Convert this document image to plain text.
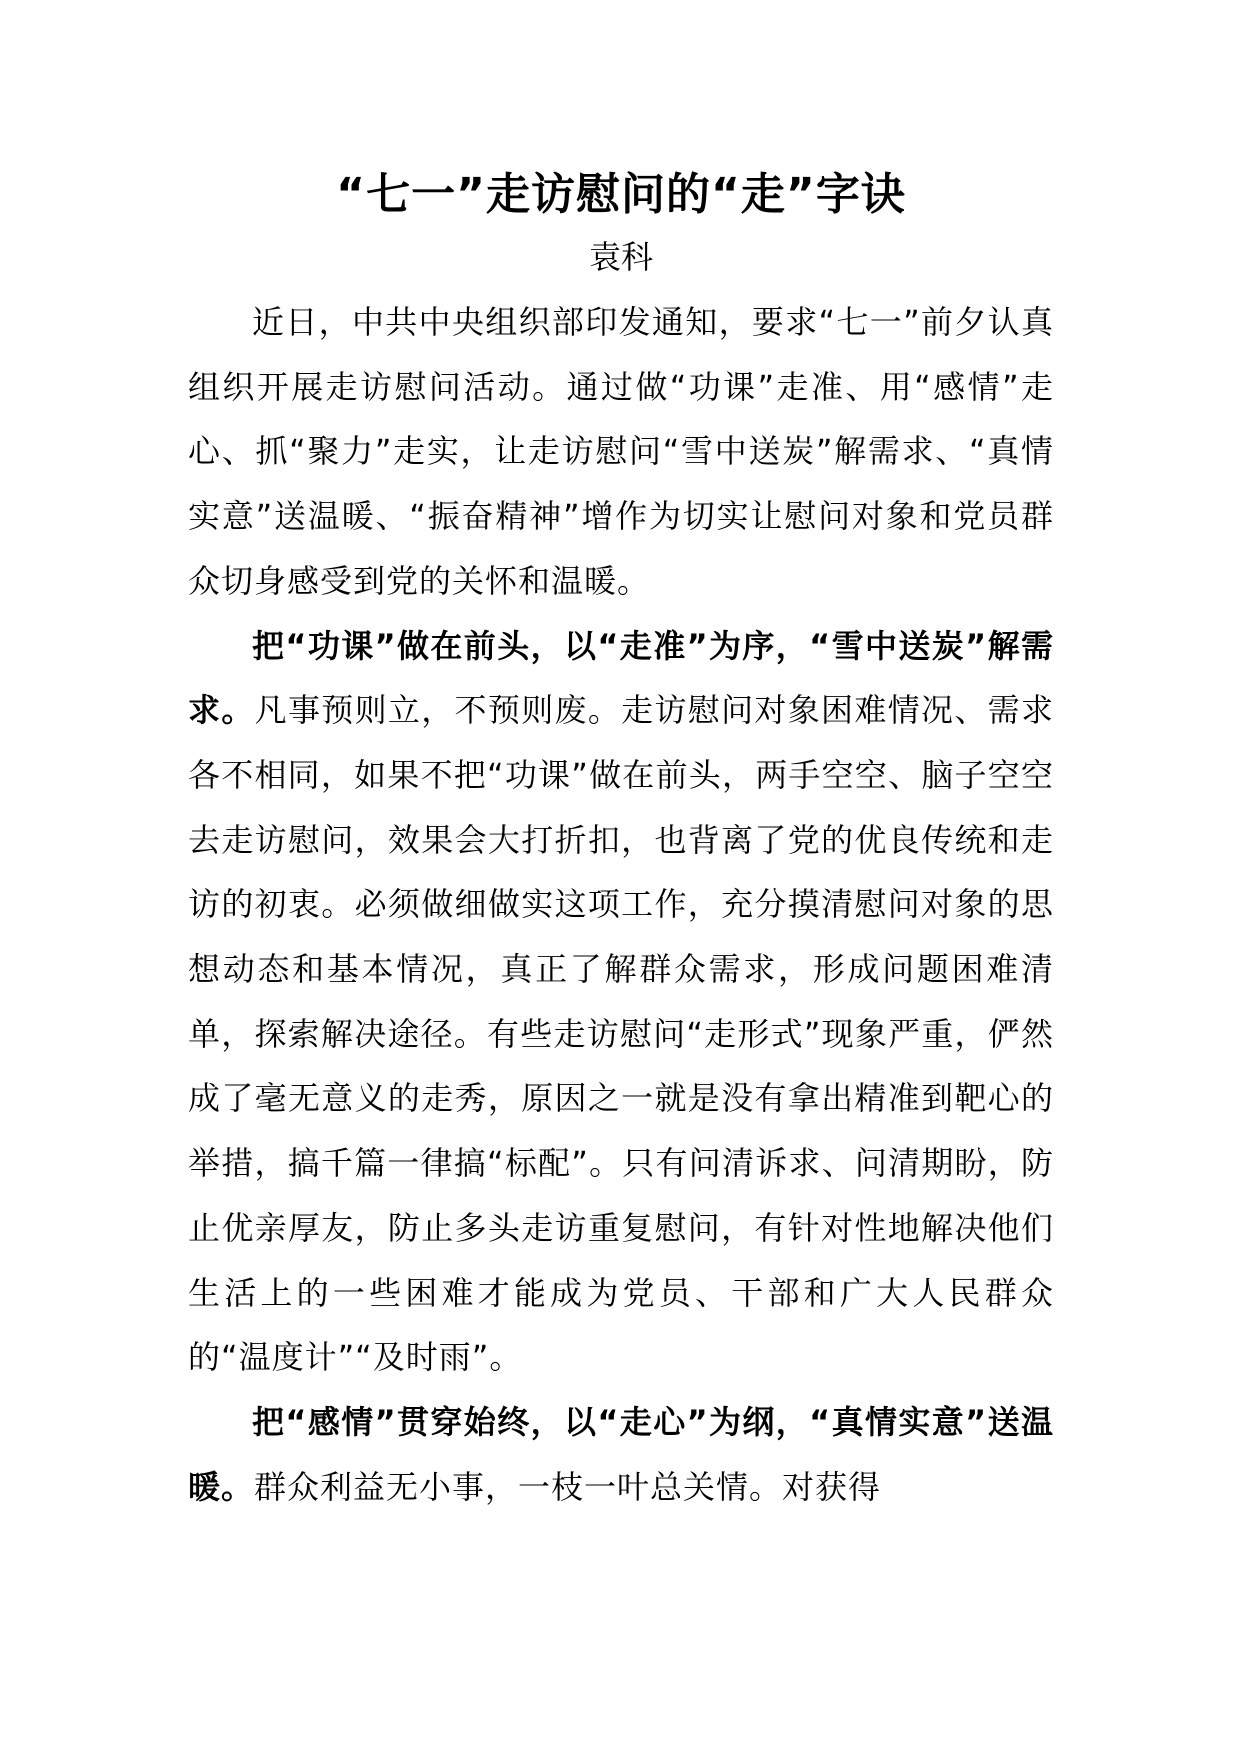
“七一”走访慰问的“走”字诀

袁科

近日，中共中央组织部印发通知，要求“七一”前夕认真组织开展走访慰问活动。通过做“功课”走准、用“感情”走心、抓“聚力”走实，让走访慰问“雪中送炭”解需求、“真情实意”送温暖、“振奋精神”增作为切实让慰问对象和党员群众切身感受到党的关怀和温暖。

把“功课”做在前头，以“走准”为序，“雪中送炭”解需求。凡事预则立，不预则废。走访慰问对象困难情况、需求各不相同，如果不把“功课”做在前头，两手空空、脑子空空去走访慰问，效果会大打折扣，也背离了党的优良传统和走访的初衷。必须做细做实这项工作，充分摸清慰问对象的思想动态和基本情况，真正了解群众需求，形成问题困难清单，探索解决途径。有些走访慰问“走形式”现象严重，俨然成了毫无意义的走秀，原因之一就是没有拿出精准到靶心的举措，搞千篇一律搞“标配”。只有问清诉求、问清期盼，防止优亲厚友，防止多头走访重复慰问，有针对性地解决他们生活上的一些困难才能成为党员、干部和广大人民群众的“温度计”“及时雨”。

把“感情”贯穿始终，以“走心”为纲，“真情实意”送温暖。群众利益无小事，一枝一叶总关情。对获得
